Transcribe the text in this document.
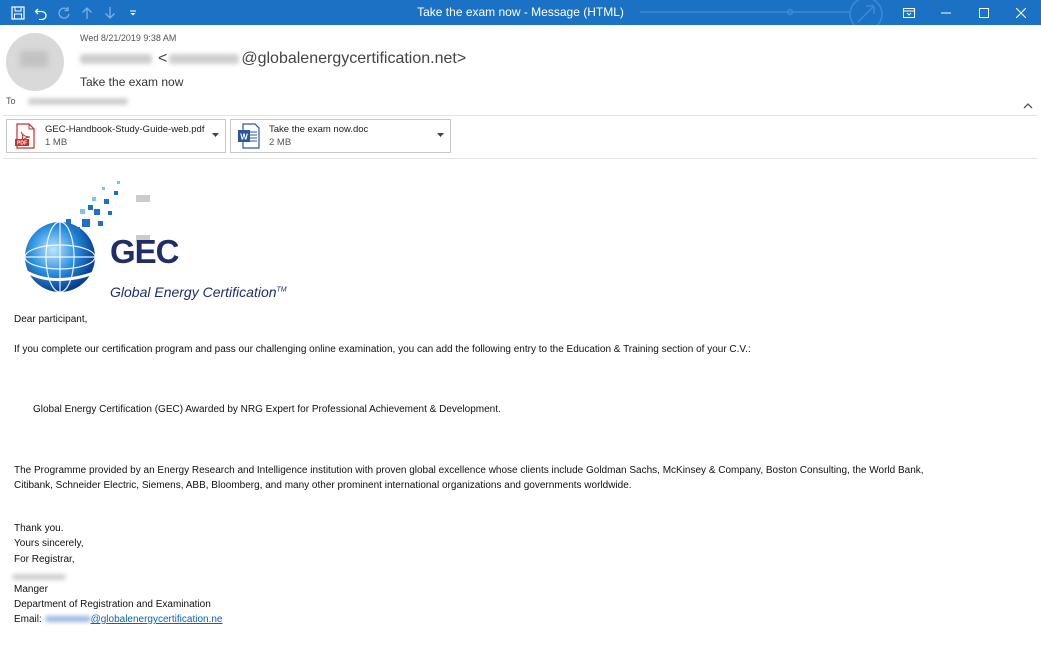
Take the exam now - Message (HTML)
Wed 8/21/2019 9:38 AM
<	@globalenergycertification.net>
Take the exam now
To
PDF
GEC-Handbook-Study-Guide-web.pdf
1 MB	W
Take the exam now.doc
2 MB
GEC
Global Energy Certification™

Dear participant,

If you complete our certification program and pass our challenging online examination, you can add the following entry to the Education & Training section of your C.V.:

Global Energy Certification (GEC) Awarded by NRG Expert for Professional Achievement & Development.

The Programme provided by an Energy Research and Intelligence institution with proven global excellence whose clients include Goldman Sachs, McKinsey & Company, Boston Consulting, the World Bank,

Citibank, Schneider Electric, Siemens, ABB, Bloomberg, and many other prominent international organizations and governments worldwide.

Thank you.

Yours sincerely,

For Registrar,

Manger

Department of Registration and Examination

Email:	@globalenergycertification.ne
